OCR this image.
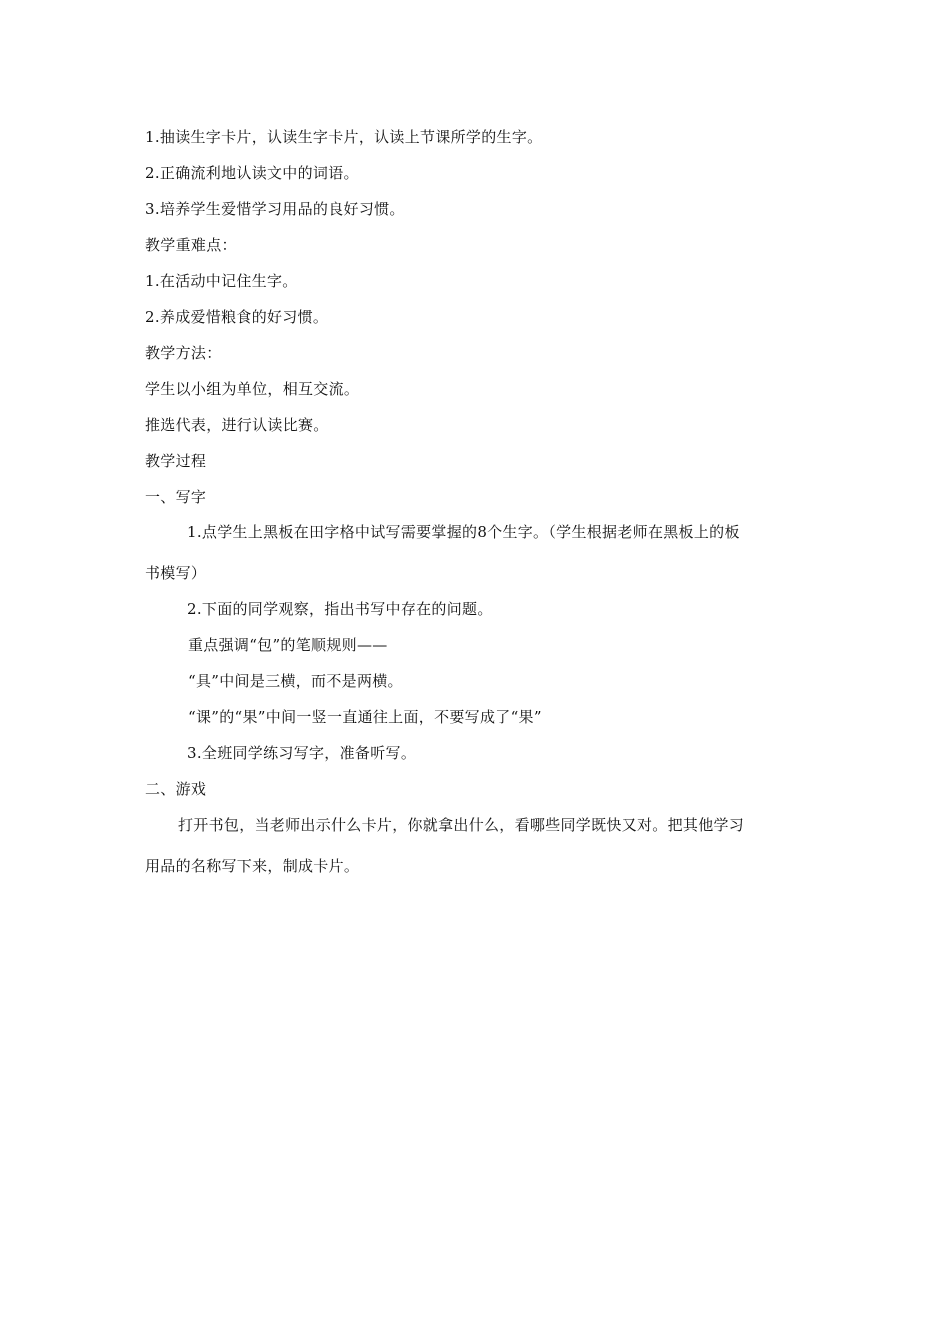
1.抽读生字卡片，认读生字卡片，认读上节课所学的生字。
2.正确流利地认读文中的词语。
3.培养学生爱惜学习用品的良好习惯。
教学重难点：
1.在活动中记住生字。
2.养成爱惜粮食的好习惯。
教学方法：
学生以小组为单位，相互交流。
推选代表，进行认读比赛。
教学过程
一、写字
1.点学生上黑板在田字格中试写需要掌握的8个生字。（学生根据老师在黑板上的板
书模写）
2.下面的同学观察，指出书写中存在的问题。
重点强调“包”的笔顺规则——
“具”中间是三横，而不是两横。
“课”的“果”中间一竖一直通往上面，不要写成了“果”
3.全班同学练习写字，准备听写。
二、游戏
打开书包，当老师出示什么卡片，你就拿出什么，看哪些同学既快又对。把其他学习
用品的名称写下来，制成卡片。
